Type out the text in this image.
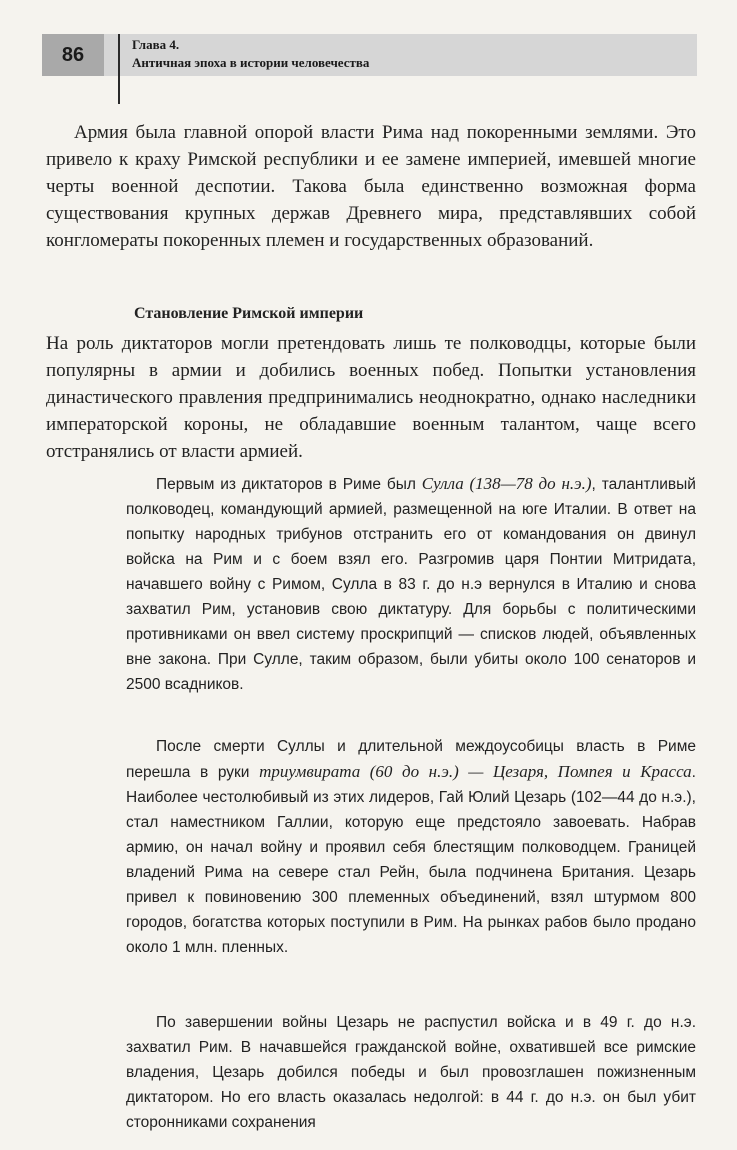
86	Глава 4.
Античная эпоха в истории человечества

Армия была главной опорой власти Рима над покоренными землями. Это привело к краху Римской республики и ее замене империей, имевшей многие черты военной деспотии. Такова была единственно возможная форма существования крупных держав Древнего мира, представлявших собой конгломераты покоренных племен и государственных образований.

Становление Римской империи

На роль диктаторов могли претендовать лишь те полководцы, которые были популярны в армии и добились военных побед. Попытки установления династического правления предпринимались неоднократно, однако наследники императорской короны, не обладавшие военным талантом, чаще всего отстранялись от власти армией.

Первым из диктаторов в Риме был Сулла (138—78 до н.э.), талантливый полководец, командующий армией, размещенной на юге Италии. В ответ на попытку народных трибунов отстранить его от командования он двинул войска на Рим и с боем взял его. Разгромив царя Понтии Митридата, начавшего войну с Римом, Сулла в 83 г. до н.э вернулся в Италию и снова захватил Рим, установив свою диктатуру. Для борьбы с политическими противниками он ввел систему проскрипций — списков людей, объявленных вне закона. При Сулле, таким образом, были убиты около 100 сенаторов и 2500 всадников.

После смерти Суллы и длительной междоусобицы власть в Риме перешла в руки триумвирата (60 до н.э.) — Цезаря, Помпея и Красса. Наиболее честолюбивый из этих лидеров, Гай Юлий Цезарь (102—44 до н.э.), стал наместником Галлии, которую еще предстояло завоевать. Набрав армию, он начал войну и проявил себя блестящим полководцем. Границей владений Рима на севере стал Рейн, была подчинена Британия. Цезарь привел к повиновению 300 племенных объединений, взял штурмом 800 городов, богатства которых поступили в Рим. На рынках рабов было продано около 1 млн. пленных.

По завершении войны Цезарь не распустил войска и в 49 г. до н.э. захватил Рим. В начавшейся гражданской войне, охватившей все римские владения, Цезарь добился победы и был провозглашен пожизненным диктатором. Но его власть оказалась недолгой: в 44 г. до н.э. он был убит сторонниками сохранения
